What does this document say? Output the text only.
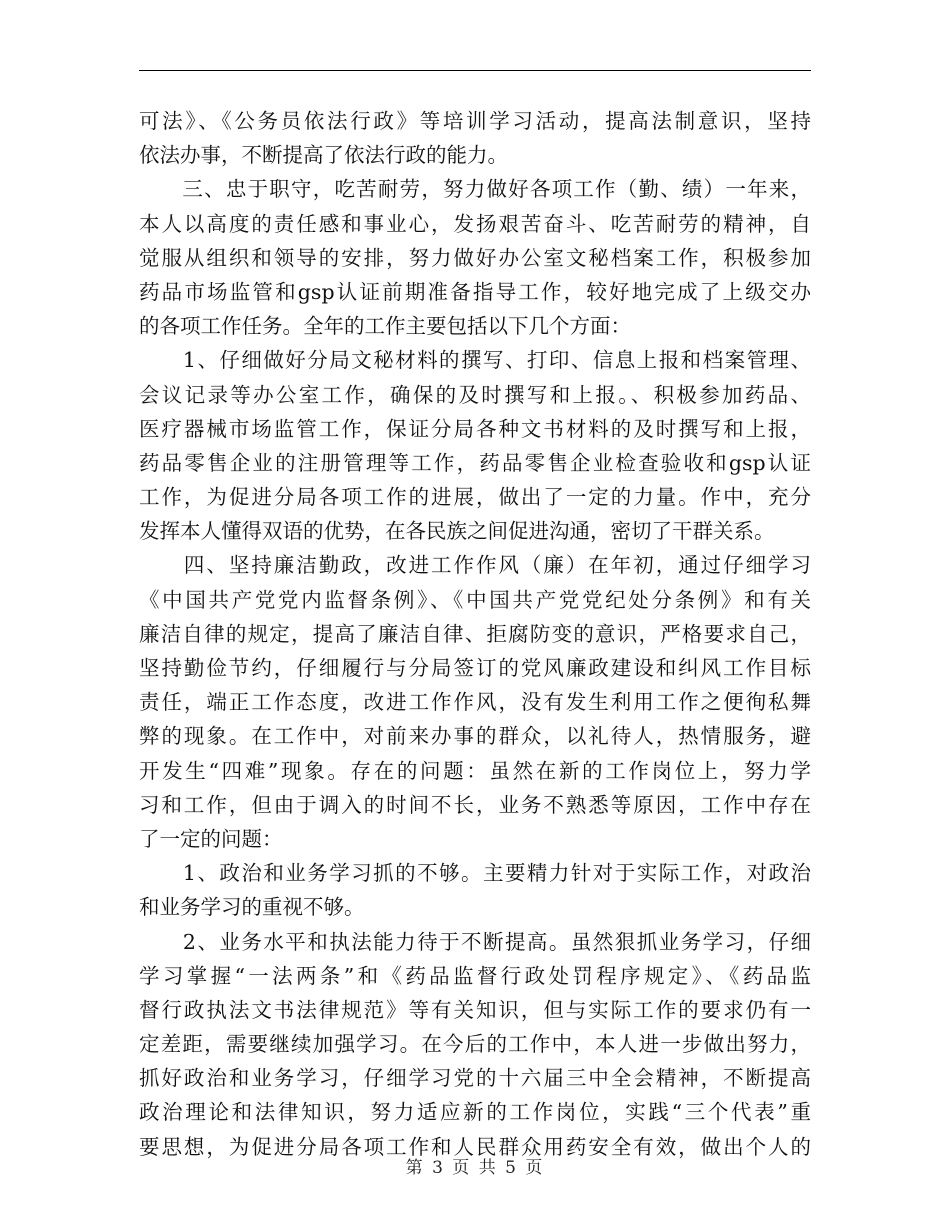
可法》、《公务员依法行政》等培训学习活动，提高法制意识，坚持
依法办事，不断提高了依法行政的能力。
　　三、忠于职守，吃苦耐劳，努力做好各项工作（勤、绩）一年来，
本人以高度的责任感和事业心，发扬艰苦奋斗、吃苦耐劳的精神，自
觉服从组织和领导的安排，努力做好办公室文秘档案工作，积极参加
药品市场监管和gsp认证前期准备指导工作，较好地完成了上级交办
的各项工作任务。全年的工作主要包括以下几个方面：
　　1、仔细做好分局文秘材料的撰写、打印、信息上报和档案管理、
会议记录等办公室工作，确保的及时撰写和上报。、积极参加药品、
医疗器械市场监管工作，保证分局各种文书材料的及时撰写和上报，
药品零售企业的注册管理等工作，药品零售企业检查验收和gsp认证
工作，为促进分局各项工作的进展，做出了一定的力量。作中，充分
发挥本人懂得双语的优势，在各民族之间促进沟通，密切了干群关系。
　　四、坚持廉洁勤政，改进工作作风（廉）在年初，通过仔细学习
《中国共产党党内监督条例》、《中国共产党党纪处分条例》和有关
廉洁自律的规定，提高了廉洁自律、拒腐防变的意识，严格要求自己，
坚持勤俭节约，仔细履行与分局签订的党风廉政建设和纠风工作目标
责任，端正工作态度，改进工作作风，没有发生利用工作之便徇私舞
弊的现象。在工作中，对前来办事的群众，以礼待人，热情服务，避
开发生“四难”现象。存在的问题：虽然在新的工作岗位上，努力学
习和工作，但由于调入的时间不长，业务不熟悉等原因，工作中存在
了一定的问题：
　　1、政治和业务学习抓的不够。主要精力针对于实际工作，对政治
和业务学习的重视不够。
　　2、业务水平和执法能力待于不断提高。虽然狠抓业务学习，仔细
学习掌握“一法两条”和《药品监督行政处罚程序规定》、《药品监
督行政执法文书法律规范》等有关知识，但与实际工作的要求仍有一
定差距，需要继续加强学习。在今后的工作中，本人进一步做出努力，
抓好政治和业务学习，仔细学习党的十六届三中全会精神，不断提高
政治理论和法律知识，努力适应新的工作岗位，实践“三个代表”重
要思想，为促进分局各项工作和人民群众用药安全有效，做出个人的
第 3 页 共 5 页
